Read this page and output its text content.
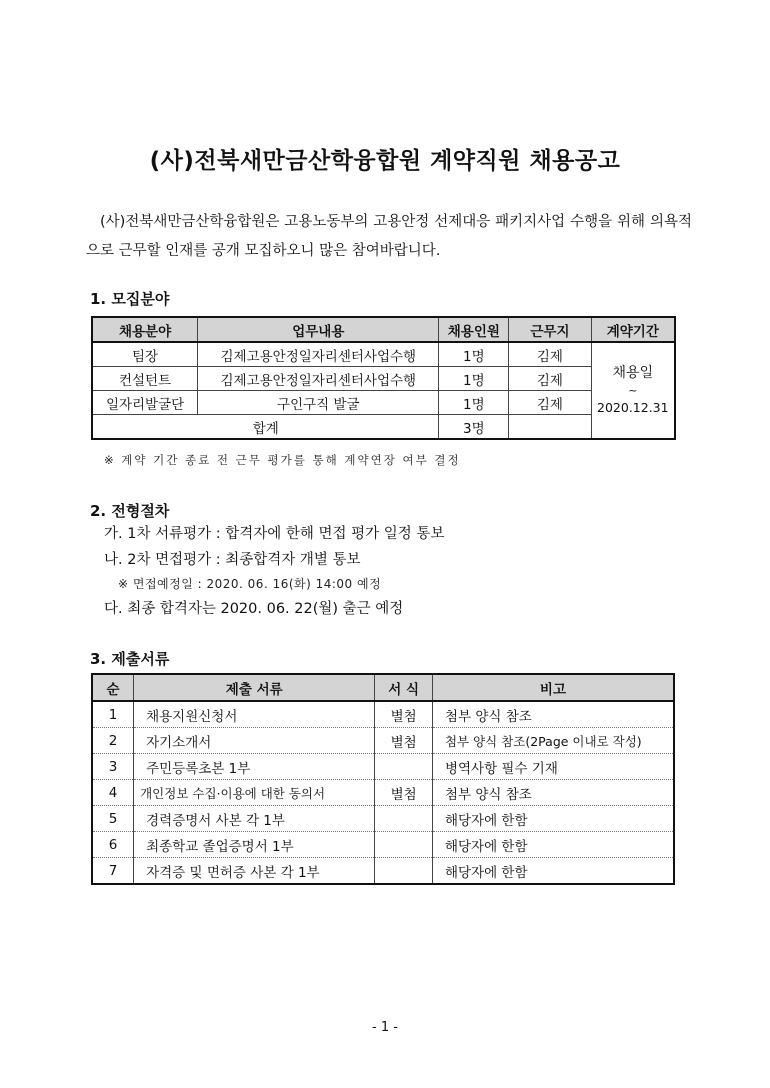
(사)전북새만금산학융합원 계약직원 채용공고
(사)전북새만금산학융합원은 고용노동부의 고용안정 선제대응 패키지사업 수행을 위해 의욕적으로 근무할 인재를 공개 모집하오니 많은 참여바랍니다.
1. 모집분야
채용분야	업무내용	채용인원	근무지	계약기간
팀장	김제고용안정일자리센터사업수행	1명	김제	채용일
~
2020.12.31

컨설턴트	김제고용안정일자리센터사업수행	1명	김제	
일자리발굴단	구인구직 발굴	1명	김제	
합계		3명		
※ 계약 기간 종료 전 근무 평가를 통해 계약연장 여부 결정
2. 전형절차
가. 1차 서류평가 : 합격자에 한해 면접 평가 일정 통보
나. 2차 면접평가 : 최종합격자 개별 통보
※ 면접예정일 : 2020. 06. 16(화) 14:00 예정
다. 최종 합격자는 2020. 06. 22(월) 출근 예정
3. 제출서류
순	제출 서류	서 식	비고
1	채용지원신청서	별첨	첨부 양식 참조
2	자기소개서	별첨	첨부 양식 참조(2Page 이내로 작성)
3	주민등록초본 1부		병역사항 필수 기재
4	개인정보 수집·이용에 대한 동의서	별첨	첨부 양식 참조
5	경력증명서 사본 각 1부		해당자에 한함
6	최종학교 졸업증명서 1부		해당자에 한함
7	자격증 및 면허증 사본 각 1부		해당자에 한함
- 1 -
